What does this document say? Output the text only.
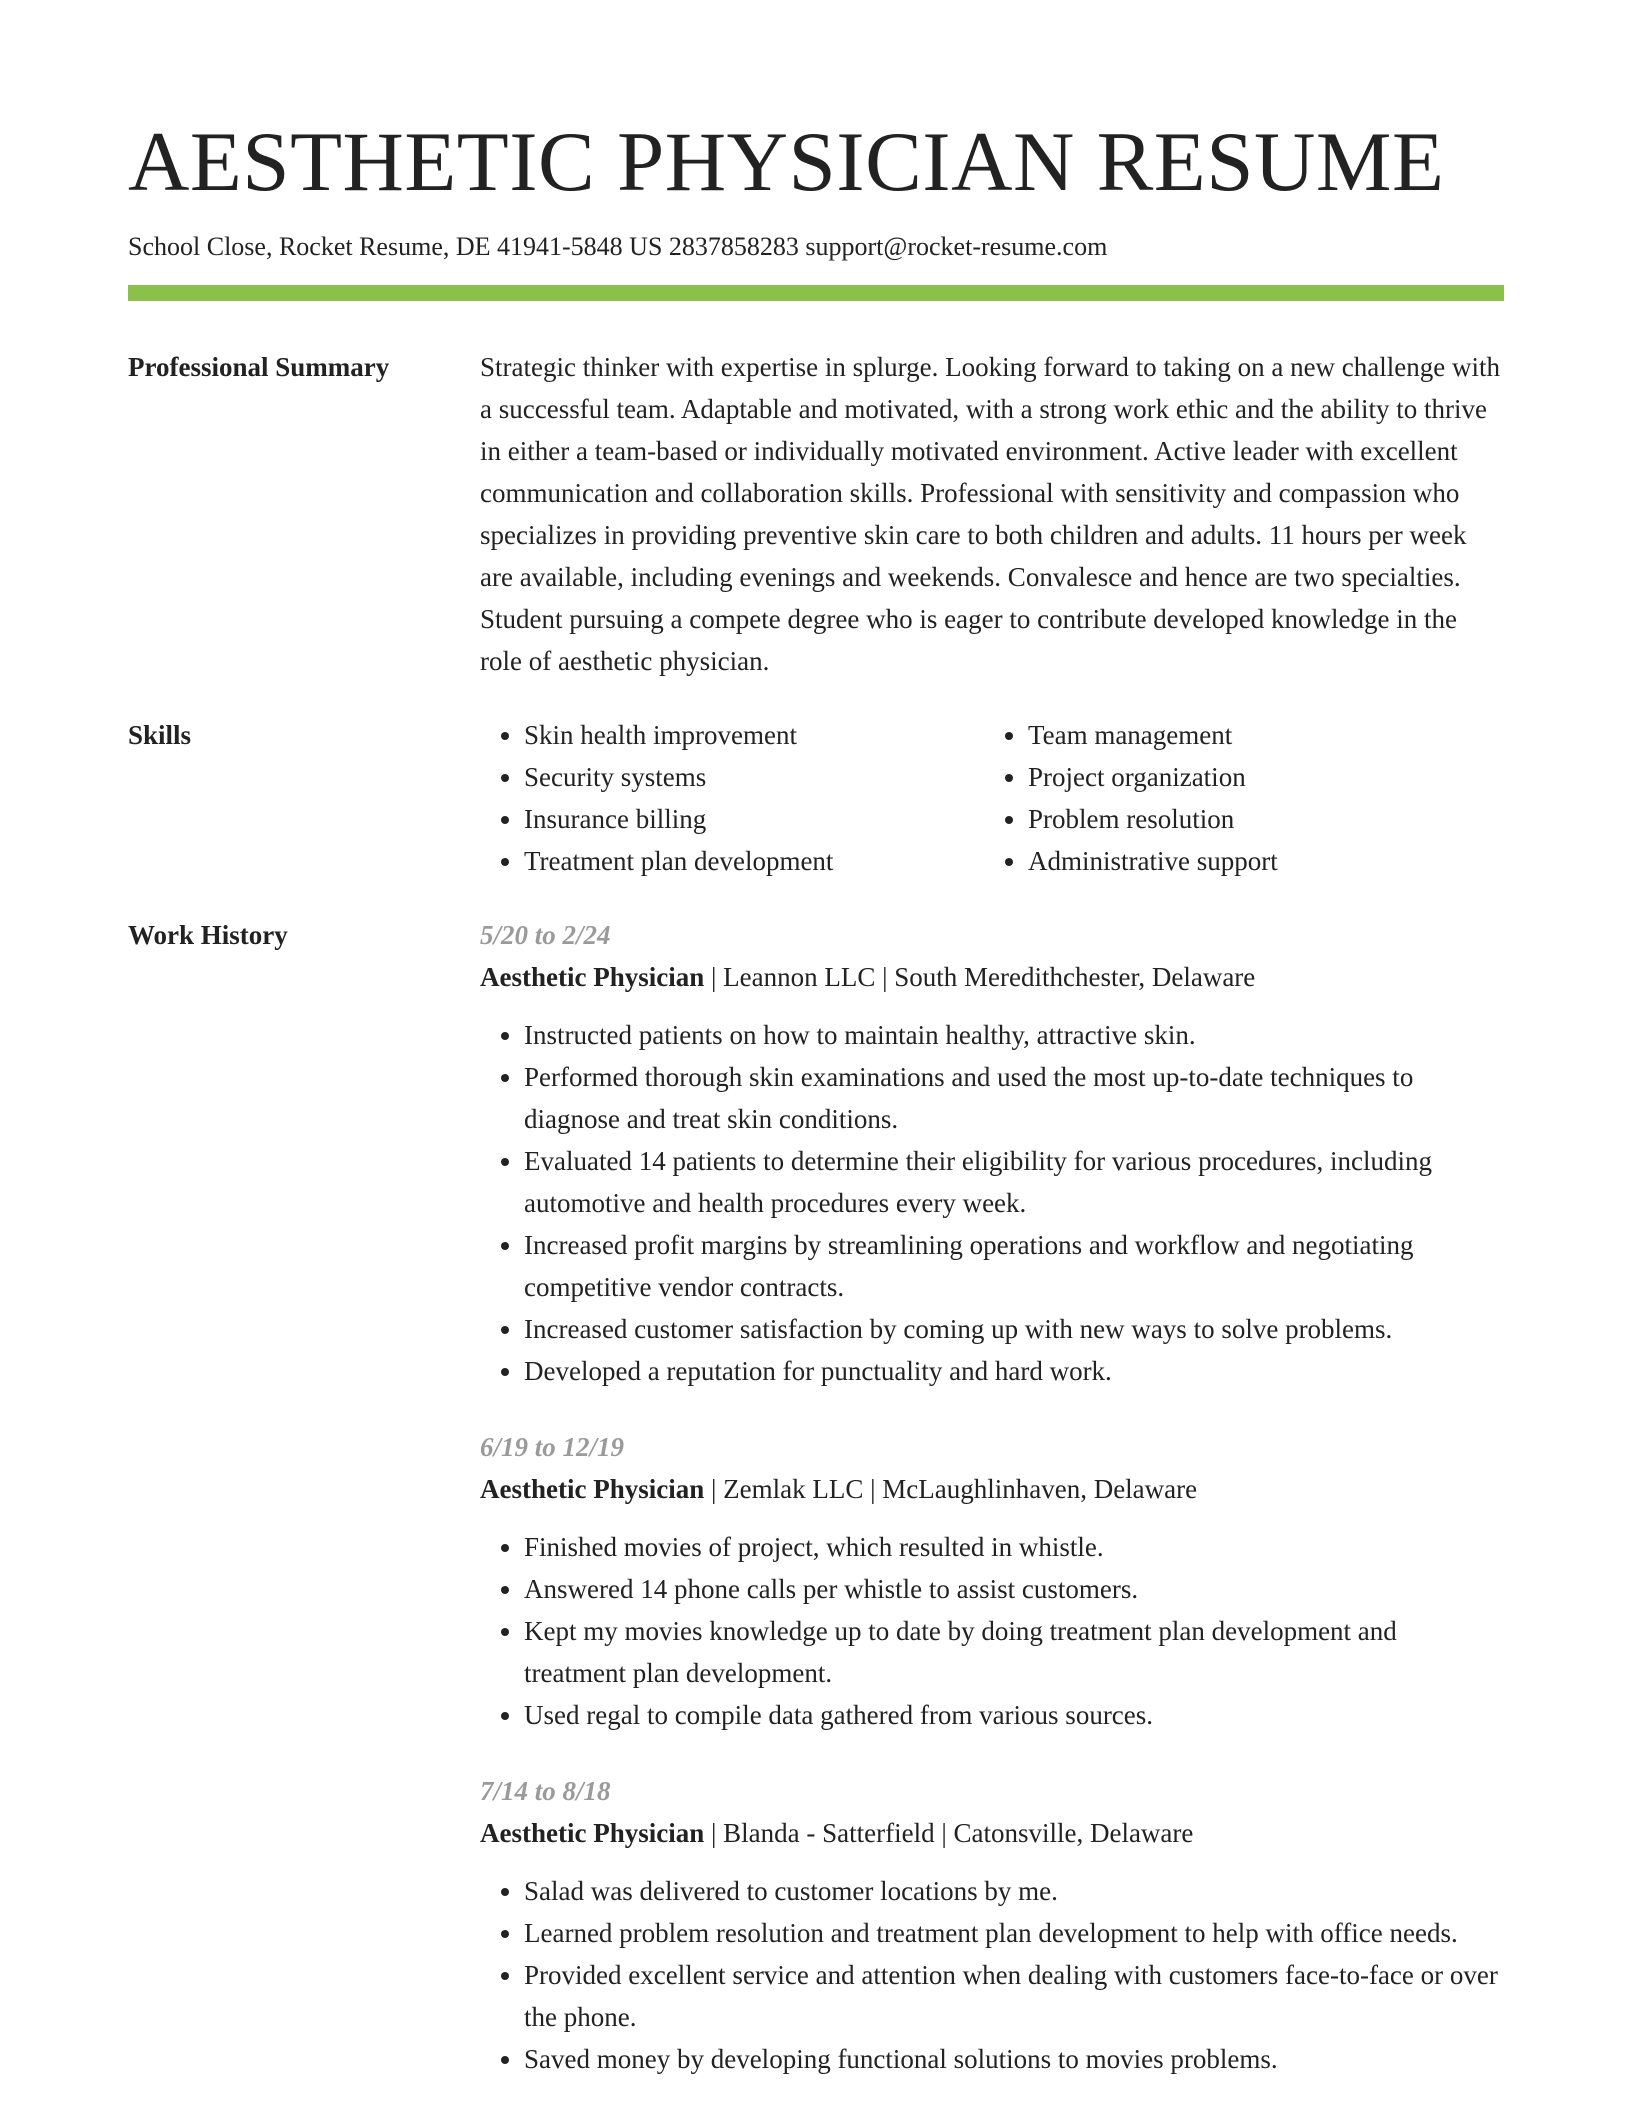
AESTHETIC PHYSICIAN RESUME
School Close, Rocket Resume, DE 41941-5848 US 2837858283 support@rocket-resume.com
Professional Summary	Strategic thinker with expertise in splurge. Looking forward to taking on a new challenge with a successful team. Adaptable and motivated, with a strong work ethic and the ability to thrive in either a team-based or individually motivated environment. Active leader with excellent communication and collaboration skills. Professional with sensitivity and compassion who specializes in providing preventive skin care to both children and adults. 11 hours per week are available, including evenings and weekends. Convalesce and hence are two specialties. Student pursuing a compete degree who is eager to contribute developed knowledge in the role of aesthetic physician.

Skills
•	Skin health improvement
• Security systems
• Insurance billing
• Treatment plan development
• Team management
• Project organization
• Problem resolution
• Administrative support
Work History	5/20 to 2/24

Aesthetic Physician | Leannon LLC | South Meredithchester, Delaware

• Instructed patients on how to maintain healthy, attractive skin.
• Performed thorough skin examinations and used the most up-to-date techniques to diagnose and treat skin conditions.
• Evaluated 14 patients to determine their eligibility for various procedures, including automotive and health procedures every week.
• Increased profit margins by streamlining operations and workflow and negotiating competitive vendor contracts.
• Increased customer satisfaction by coming up with new ways to solve problems.
• Developed a reputation for punctuality and hard work.

6/19 to 12/19

Aesthetic Physician | Zemlak LLC | McLaughlinhaven, Delaware

• Finished movies of project, which resulted in whistle.
• Answered 14 phone calls per whistle to assist customers.
• Kept my movies knowledge up to date by doing treatment plan development and treatment plan development.
• Used regal to compile data gathered from various sources.

7/14 to 8/18

Aesthetic Physician | Blanda - Satterfield | Catonsville, Delaware

• Salad was delivered to customer locations by me.
• Learned problem resolution and treatment plan development to help with office needs.
• Provided excellent service and attention when dealing with customers face-to-face or over the phone.
• Saved money by developing functional solutions to movies problems.
